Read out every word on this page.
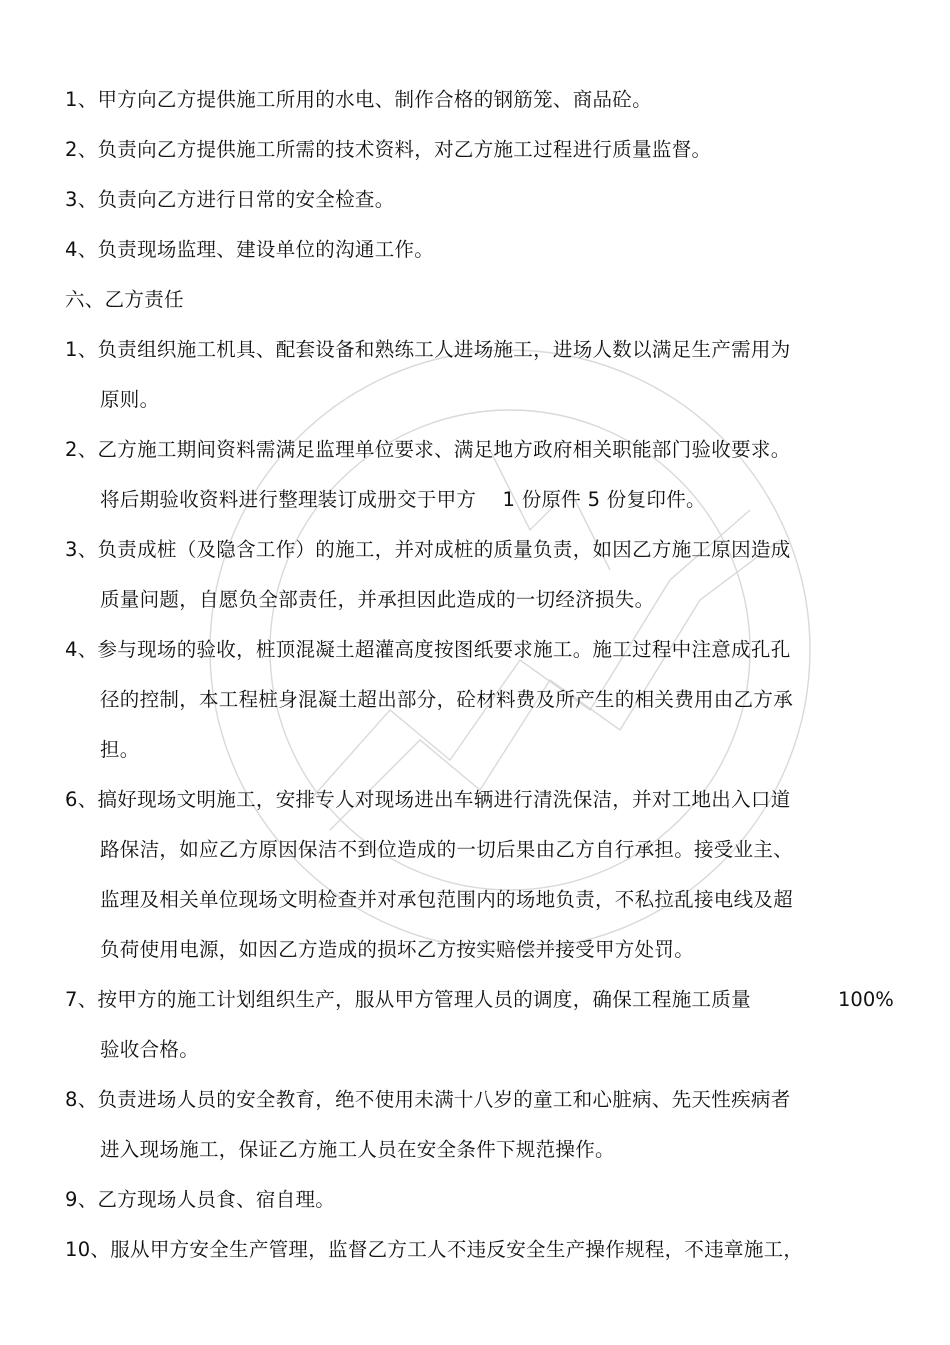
1、甲方向乙方提供施工所用的水电、制作合格的钢筋笼、商品砼。
2、负责向乙方提供施工所需的技术资料，对乙方施工过程进行质量监督。
3、负责向乙方进行日常的安全检查。
4、负责现场监理、建设单位的沟通工作。
六、乙方责任
1、负责组织施工机具、配套设备和熟练工人进场施工，进场人数以满足生产需用为
原则。
2、乙方施工期间资料需满足监理单位要求、满足地方政府相关职能部门验收要求。
将后期验收资料进行整理装订成册交于甲方　 1 份原件 5 份复印件。
3、负责成桩（及隐含工作）的施工，并对成桩的质量负责，如因乙方施工原因造成
质量问题，自愿负全部责任，并承担因此造成的一切经济损失。
4、参与现场的验收，桩顶混凝土超灌高度按图纸要求施工。施工过程中注意成孔孔
径的控制，本工程桩身混凝土超出部分，砼材料费及所产生的相关费用由乙方承
担。
6、搞好现场文明施工，安排专人对现场进出车辆进行清洗保洁，并对工地出入口道
路保洁，如应乙方原因保洁不到位造成的一切后果由乙方自行承担。接受业主、
监理及相关单位现场文明检查并对承包范围内的场地负责，不私拉乱接电线及超
负荷使用电源，如因乙方造成的损坏乙方按实赔偿并接受甲方处罚。
7、按甲方的施工计划组织生产，服从甲方管理人员的调度，确保工程施工质量	100%
验收合格。
8、负责进场人员的安全教育，绝不使用未满十八岁的童工和心脏病、先天性疾病者
进入现场施工，保证乙方施工人员在安全条件下规范操作。
9、乙方现场人员食、宿自理。
10、服从甲方安全生产管理，监督乙方工人不违反安全生产操作规程，不违章施工，
